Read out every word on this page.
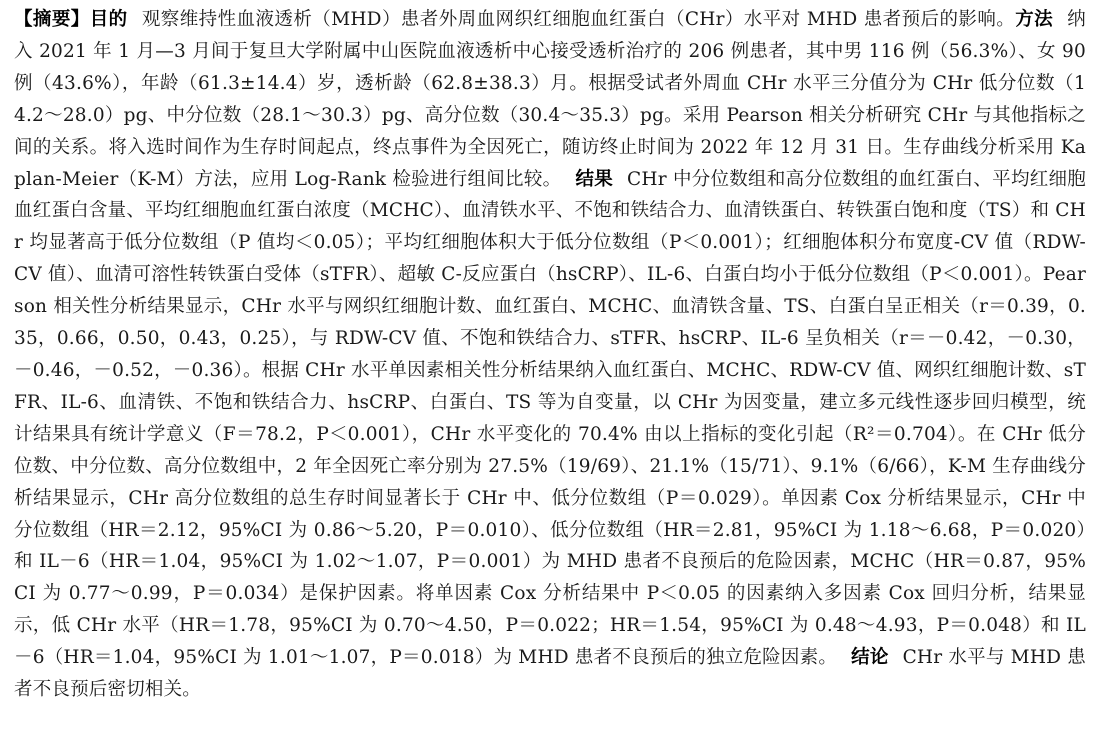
【摘要】目的 观察维持性血液透析（MHD）患者外周血网织红细胞血红蛋白（CHr）水平对 MHD 患者预后的影响。方法 纳入 2021 年 1 月—3 月间于复旦大学附属中山医院血液透析中心接受透析治疗的 206 例患者，其中男 116 例（56.3%）、女 90 例（43.6%），年龄（61.3±14.4）岁，透析龄（62.8±38.3）月。根据受试者外周血 CHr 水平三分值分为 CHr 低分位数（14.2～28.0）pg、中分位数（28.1～30.3）pg、高分位数（30.4～35.3）pg。采用 Pearson 相关分析研究 CHr 与其他指标之间的关系。将入选时间作为生存时间起点，终点事件为全因死亡，随访终止时间为 2022 年 12 月 31 日。生存曲线分析采用 Kaplan-Meier（K-M）方法，应用 Log-Rank 检验进行组间比较。 结果 CHr 中分位数组和高分位数组的血红蛋白、平均红细胞血红蛋白含量、平均红细胞血红蛋白浓度（MCHC）、血清铁水平、不饱和铁结合力、血清铁蛋白、转铁蛋白饱和度（TS）和 CHr 均显著高于低分位数组（P 值均＜0.05）；平均红细胞体积大于低分位数组（P＜0.001）；红细胞体积分布宽度-CV 值（RDW-CV 值）、血清可溶性转铁蛋白受体（sTFR）、超敏 C-反应蛋白（hsCRP）、IL-6、白蛋白均小于低分位数组（P＜0.001）。Pearson 相关性分析结果显示，CHr 水平与网织红细胞计数、血红蛋白、MCHC、血清铁含量、TS、白蛋白呈正相关（r＝0.39，0.35，0.66，0.50，0.43，0.25），与 RDW-CV 值、不饱和铁结合力、sTFR、hsCRP、IL-6 呈负相关（r＝－0.42，－0.30，－0.46，－0.52，－0.36）。根据 CHr 水平单因素相关性分析结果纳入血红蛋白、MCHC、RDW-CV 值、网织红细胞计数、sTFR、IL-6、血清铁、不饱和铁结合力、hsCRP、白蛋白、TS 等为自变量，以 CHr 为因变量，建立多元线性逐步回归模型，统计结果具有统计学意义（F＝78.2，P＜0.001），CHr 水平变化的 70.4% 由以上指标的变化引起（R²＝0.704）。在 CHr 低分位数、中分位数、高分位数组中，2 年全因死亡率分别为 27.5%（19/69）、21.1%（15/71）、9.1%（6/66），K-M 生存曲线分析结果显示，CHr 高分位数组的总生存时间显著长于 CHr 中、低分位数组（P＝0.029）。单因素 Cox 分析结果显示，CHr 中分位数组（HR＝2.12，95%CI 为 0.86～5.20，P＝0.010）、低分位数组（HR＝2.81，95%CI 为 1.18～6.68，P＝0.020）和 IL－6（HR＝1.04，95%CI 为 1.02～1.07，P＝0.001）为 MHD 患者不良预后的危险因素，MCHC（HR＝0.87，95%CI 为 0.77～0.99，P＝0.034）是保护因素。将单因素 Cox 分析结果中 P＜0.05 的因素纳入多因素 Cox 回归分析，结果显示，低 CHr 水平（HR＝1.78，95%CI 为 0.70～4.50，P＝0.022；HR＝1.54，95%CI 为 0.48～4.93，P＝0.048）和 IL－6（HR＝1.04，95%CI 为 1.01～1.07，P＝0.018）为 MHD 患者不良预后的独立危险因素。 结论 CHr 水平与 MHD 患者不良预后密切相关。
